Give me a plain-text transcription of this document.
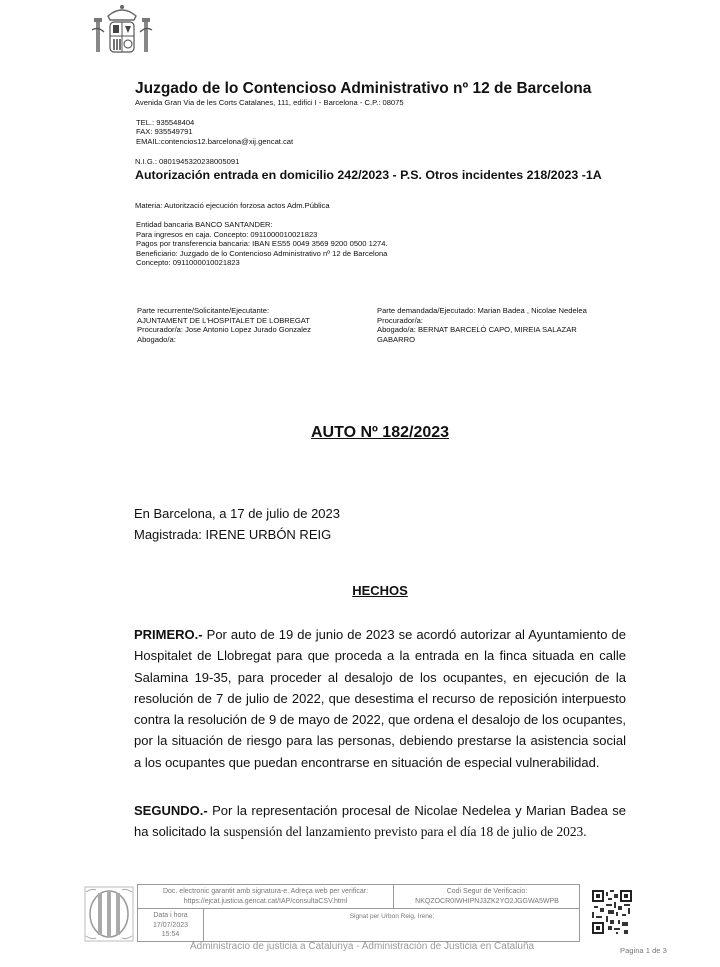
Juzgado de lo Contencioso Administrativo nº 12 de Barcelona
Avenida Gran Via de les Corts Catalanes, 111, edifici I - Barcelona - C.P.: 08075
TEL.: 935548404
FAX: 935549791
EMAIL:contencios12.barcelona@xij.gencat.cat
N.I.G.: 0801945320238005091
Autorización entrada en domicilio 242/2023 - P.S. Otros incidentes 218/2023 -1A
Materia: Autorització ejecución forzosa actos Adm.Pública
Entidad bancaria BANCO SANTANDER:
Para ingresos en caja. Concepto: 0911000010021823
Pagos por transferencia bancaria: IBAN ES55 0049 3569 9200 0500 1274.
Beneficiario: Juzgado de lo Contencioso Administrativo nº 12 de Barcelona
Concepto: 0911000010021823
Parte recurrente/Solicitante/Ejecutante:
AJUNTAMENT DE L'HOSPITALET DE LOBREGAT
Procurador/a: Jose Antonio Lopez Jurado Gonzalez
Abogado/a:
Parte demandada/Ejecutado: Marian Badea , Nicolae Nedelea
Procurador/a:
Abogado/a: BERNAT BARCELÓ CAPO, MIREIA SALAZAR GABARRO
AUTO Nº 182/2023
En Barcelona, a 17 de julio de 2023
Magistrada: IRENE URBÓN REIG
HECHOS
PRIMERO.- Por auto de 19 de junio de 2023 se acordó autorizar al Ayuntamiento de Hospitalet de Llobregat para que proceda a la entrada en la finca situada en calle Salamina 19-35, para proceder al desalojo de los ocupantes, en ejecución de la resolución de 7 de julio de 2022, que desestima el recurso de reposición interpuesto contra la resolución de 9 de mayo de 2022, que ordena el desalojo de los ocupantes, por la situación de riesgo para las personas, debiendo prestarse la asistencia social a los ocupantes que puedan encontrarse en situación de especial vulnerabilidad.
SEGUNDO.- Por la representación procesal de Nicolae Nedelea y Marian Badea se ha solicitado la suspensión del lanzamiento previsto para el día 18 de julio de 2023.
Doc. electronic garantit amb signatura-e. Adreça web per verificar:
https://ejcat.justicia.gencat.cat/IAP/consultaCSV.html
Codi Segur de Verificacio:
NKQZOCR0IWHIPNJ3ZK2YO2JGGWA5WPB
Data i hora
17/07/2023
15:54
Signat per Urbon Reig, Irene;
Administracio de justicia a Catalunya - Administración de Justicia en Cataluña	Pagina 1 de 3
